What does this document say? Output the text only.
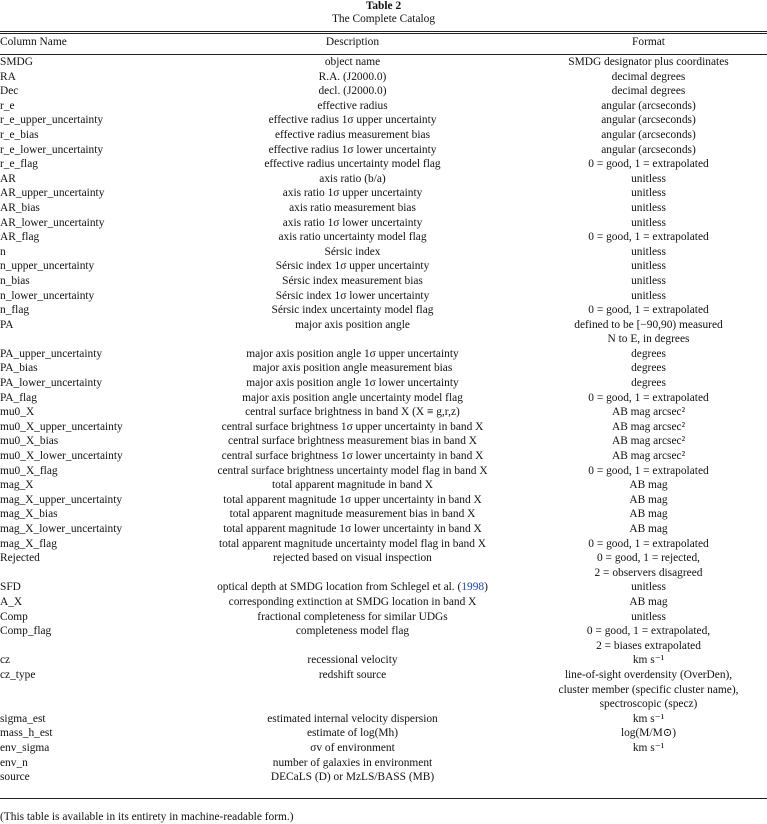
Table 2
The Complete Catalog
Column Name	Description	Format
SMDG	object name	SMDG designator plus coordinates
RA	R.A. (J2000.0)	decimal degrees
Dec	decl. (J2000.0)	decimal degrees
r_e	effective radius	angular (arcseconds)
r_e_upper_uncertainty	effective radius 1σ upper uncertainty	angular (arcseconds)
r_e_bias	effective radius measurement bias	angular (arcseconds)
r_e_lower_uncertainty	effective radius 1σ lower uncertainty	angular (arcseconds)
r_e_flag	effective radius uncertainty model flag	0 = good, 1 = extrapolated
AR	axis ratio (b/a)	unitless
AR_upper_uncertainty	axis ratio 1σ upper uncertainty	unitless
AR_bias	axis ratio measurement bias	unitless
AR_lower_uncertainty	axis ratio 1σ lower uncertainty	unitless
AR_flag	axis ratio uncertainty model flag	0 = good, 1 = extrapolated
n	Sérsic index	unitless
n_upper_uncertainty	Sérsic index 1σ upper uncertainty	unitless
n_bias	Sérsic index measurement bias	unitless
n_lower_uncertainty	Sérsic index 1σ lower uncertainty	unitless
n_flag	Sérsic index uncertainty model flag	0 = good, 1 = extrapolated
PA	major axis position angle	defined to be [−90,90) measured
N to E, in degrees
PA_upper_uncertainty	major axis position angle 1σ upper uncertainty	degrees
PA_bias	major axis position angle measurement bias	degrees
PA_lower_uncertainty	major axis position angle 1σ lower uncertainty	degrees
PA_flag	major axis position angle uncertainty model flag	0 = good, 1 = extrapolated
mu0_X	central surface brightness in band X (X ≡ g,r,z)	AB mag arcsec²
mu0_X_upper_uncertainty	central surface brightness 1σ upper uncertainty in band X	AB mag arcsec²
mu0_X_bias	central surface brightness measurement bias in band X	AB mag arcsec²
mu0_X_lower_uncertainty	central surface brightness 1σ lower uncertainty in band X	AB mag arcsec²
mu0_X_flag	central surface brightness uncertainty model flag in band X	0 = good, 1 = extrapolated
mag_X	total apparent magnitude in band X	AB mag
mag_X_upper_uncertainty	total apparent magnitude 1σ upper uncertainty in band X	AB mag
mag_X_bias	total apparent magnitude measurement bias in band X	AB mag
mag_X_lower_uncertainty	total apparent magnitude 1σ lower uncertainty in band X	AB mag
mag_X_flag	total apparent magnitude uncertainty model flag in band X	0 = good, 1 = extrapolated
Rejected	rejected based on visual inspection	0 = good, 1 = rejected,
2 = observers disagreed
SFD	optical depth at SMDG location from Schlegel et al. (1998)	unitless
A_X	corresponding extinction at SMDG location in band X	AB mag
Comp	fractional completeness for similar UDGs	unitless
Comp_flag	completeness model flag	0 = good, 1 = extrapolated,
2 = biases extrapolated
cz	recessional velocity	km s⁻¹
cz_type	redshift source	line-of-sight overdensity (OverDen),
cluster member (specific cluster name),
spectroscopic (specz)
sigma_est	estimated internal velocity dispersion	km s⁻¹
mass_h_est	estimate of log(Mh)	log(M/M⊙)
env_sigma	σv of environment	km s⁻¹
env_n	number of galaxies in environment	
source	DECaLS (D) or MzLS/BASS (MB)	
(This table is available in its entirety in machine-readable form.)
